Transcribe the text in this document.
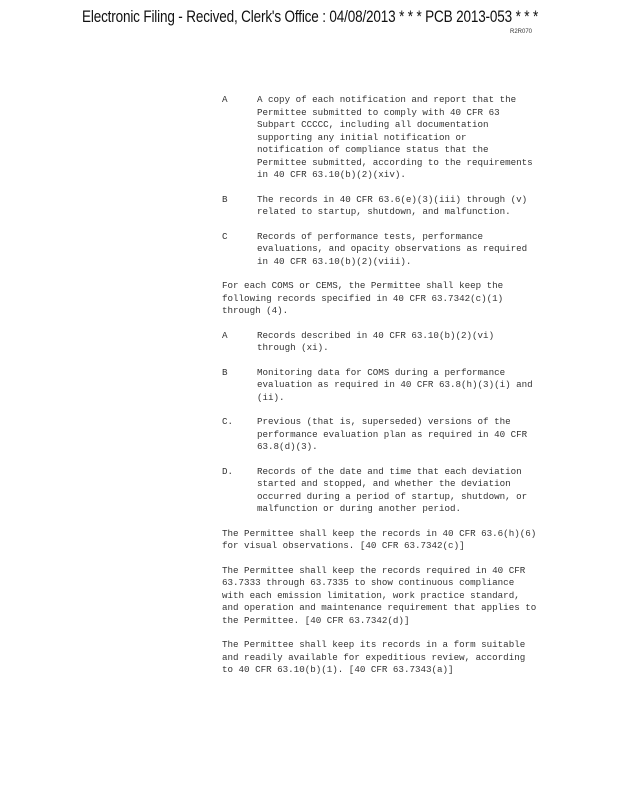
Electronic Filing - Recived, Clerk's Office : 04/08/2013 * * * PCB 2013-053 * * *
R2R070
A	A copy of each notification and report that the Permittee submitted to comply with 40 CFR 63 Subpart CCCCC, including all documentation supporting any initial notification or notification of compliance status that the Permittee submitted, according to the requirements in 40 CFR 63.10(b)(2)(xiv).
B	The records in 40 CFR 63.6(e)(3)(iii) through (v) related to startup, shutdown, and malfunction.
C	Records of performance tests, performance evaluations, and opacity observations as required in 40 CFR 63.10(b)(2)(viii).
For each COMS or CEMS, the Permittee shall keep the following records specified in 40 CFR 63.7342(c)(1) through (4).
A	Records described in 40 CFR 63.10(b)(2)(vi) through (xi).
B	Monitoring data for COMS during a performance evaluation as required in 40 CFR 63.8(h)(3)(i) and (ii).
C.	Previous (that is, superseded) versions of the performance evaluation plan as required in 40 CFR 63.8(d)(3).
D.	Records of the date and time that each deviation started and stopped, and whether the deviation occurred during a period of startup, shutdown, or malfunction or during another period.
The Permittee shall keep the records in 40 CFR 63.6(h)(6) for visual observations. [40 CFR 63.7342(c)]
The Permittee shall keep the records required in 40 CFR 63.7333 through 63.7335 to show continuous compliance with each emission limitation, work practice standard, and operation and maintenance requirement that applies to the Permittee. [40 CFR 63.7342(d)]
The Permittee shall keep its records in a form suitable and readily available for expeditious review, according to 40 CFR 63.10(b)(1). [40 CFR 63.7343(a)]
